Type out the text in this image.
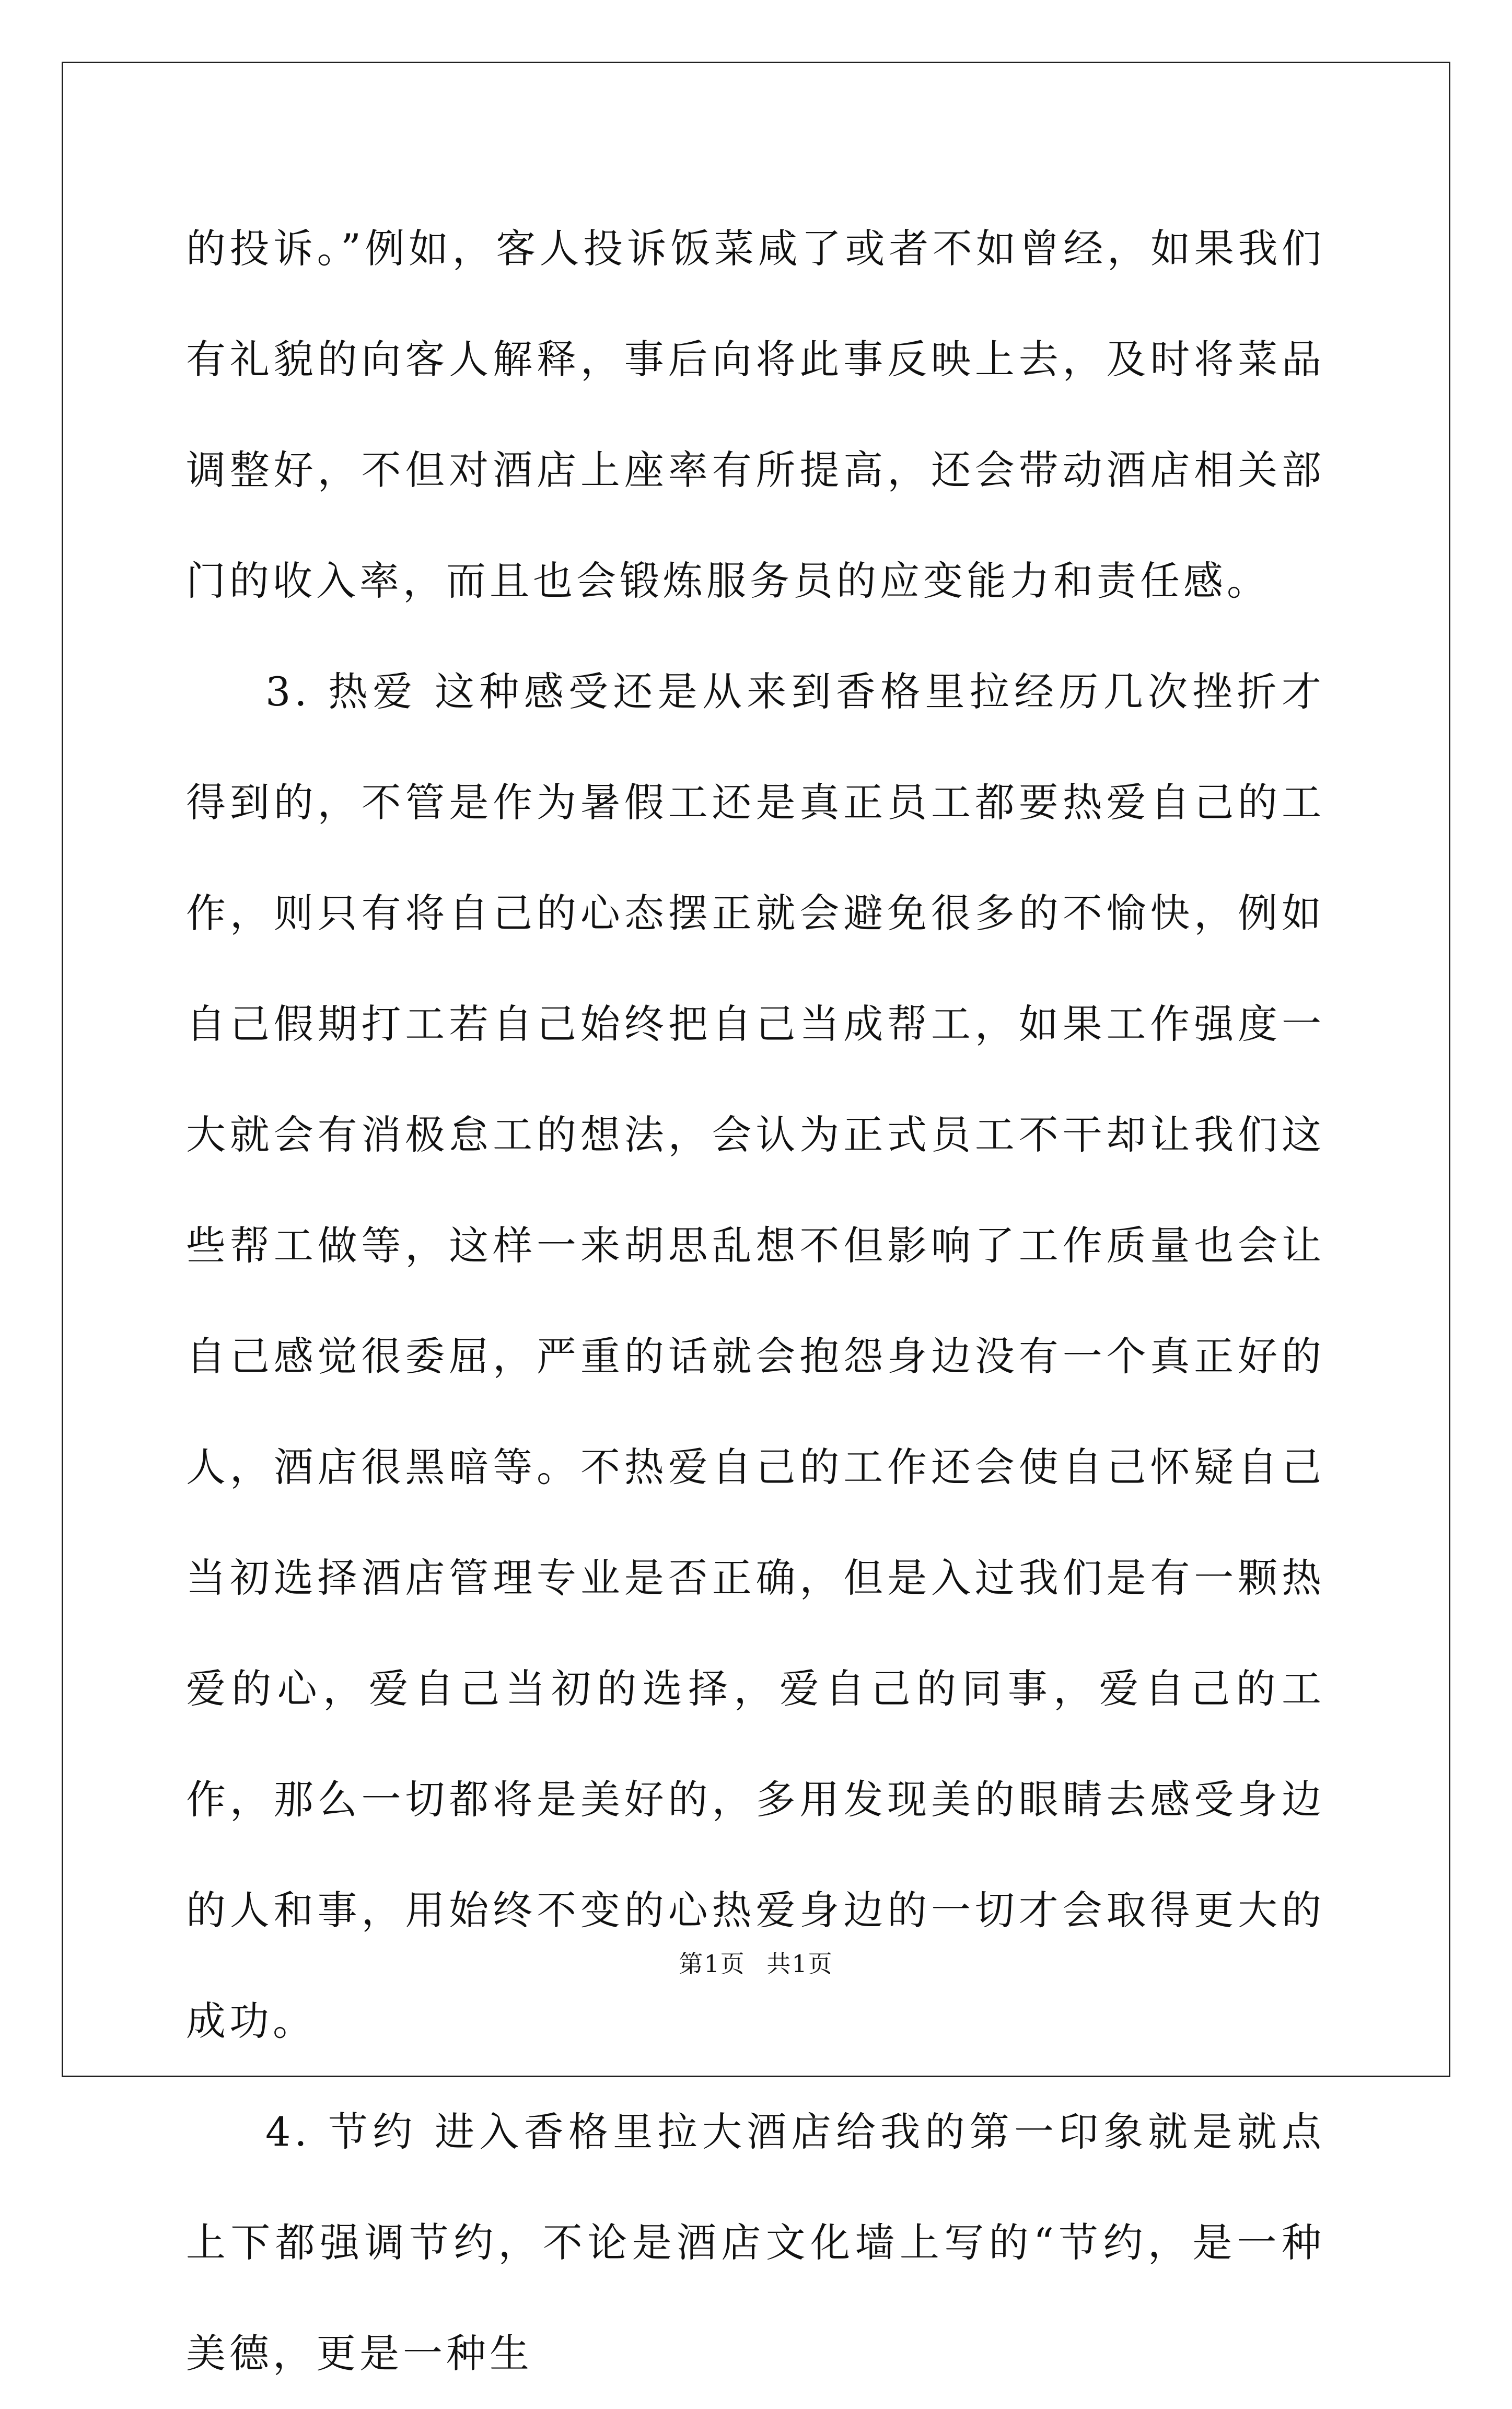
的投诉。”例如，客人投诉饭菜咸了或者不如曾经，如果我们有礼貌的向客人解释，事后向将此事反映上去，及时将菜品调整好，不但对酒店上座率有所提高，还会带动酒店相关部门的收入率，而且也会锻炼服务员的应变能力和责任感。

3. 热爱 这种感受还是从来到香格里拉经历几次挫折才得到的，不管是作为暑假工还是真正员工都要热爱自己的工作，则只有将自己的心态摆正就会避免很多的不愉快，例如自己假期打工若自己始终把自己当成帮工，如果工作强度一大就会有消极怠工的想法，会认为正式员工不干却让我们这些帮工做等，这样一来胡思乱想不但影响了工作质量也会让自己感觉很委屈，严重的话就会抱怨身边没有一个真正好的人，酒店很黑暗等。不热爱自己的工作还会使自己怀疑自己当初选择酒店管理专业是否正确，但是入过我们是有一颗热爱的心，爱自己当初的选择，爱自己的同事，爱自己的工作，那么一切都将是美好的，多用发现美的眼睛去感受身边的人和事，用始终不变的心热爱身边的一切才会取得更大的成功。

4. 节约 进入香格里拉大酒店给我的第一印象就是就点上下都强调节约，不论是酒店文化墙上写的“节约，是一种美德，更是一种生

第1页 共1页
